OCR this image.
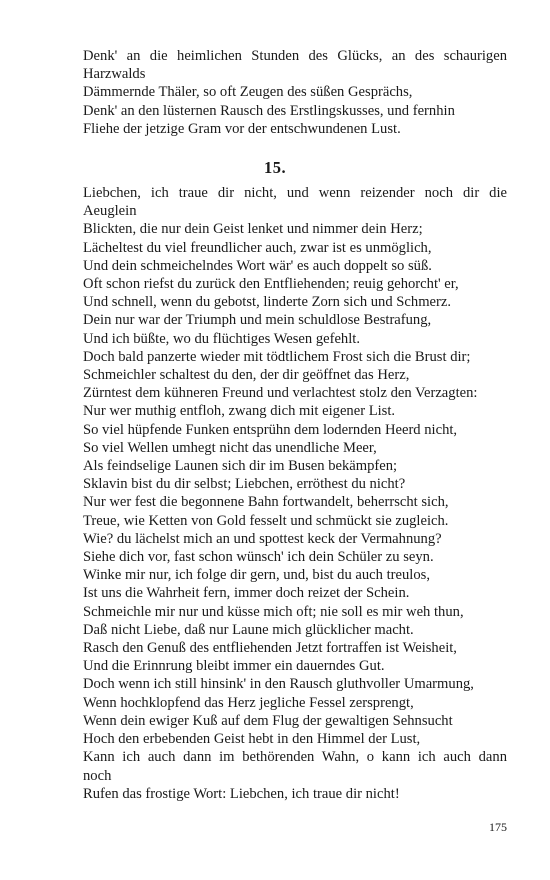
Denk' an die heimlichen Stunden des Glücks, an des schaurigen
Harzwalds
Dämmernde Thäler, so oft Zeugen des süßen Gesprächs,
Denk' an den lüsternen Rausch des Erstlingskusses, und fernhin
Fliehe der jetzige Gram vor der entschwundenen Lust.
15.
Liebchen, ich traue dir nicht, und wenn reizender noch dir die
Aeuglein
Blickten, die nur dein Geist lenket und nimmer dein Herz;
Lächeltest du viel freundlicher auch, zwar ist es unmöglich,
Und dein schmeichelndes Wort wär' es auch doppelt so süß.
Oft schon riefst du zurück den Entfliehenden; reuig gehorcht' er,
Und schnell, wenn du gebotst, linderte Zorn sich und Schmerz.
Dein nur war der Triumph und mein schuldlose Bestrafung,
Und ich büßte, wo du flüchtiges Wesen gefehlt.
Doch bald panzerte wieder mit tödtlichem Frost sich die Brust dir;
Schmeichler schaltest du den, der dir geöffnet das Herz,
Zürntest dem kühneren Freund und verlachtest stolz den Verzagten:
Nur wer muthig entfloh, zwang dich mit eigener List.
So viel hüpfende Funken entsprühn dem lodernden Heerd nicht,
So viel Wellen umhegt nicht das unendliche Meer,
Als feindselige Launen sich dir im Busen bekämpfen;
Sklavin bist du dir selbst; Liebchen, erröthest du nicht?
Nur wer fest die begonnene Bahn fortwandelt, beherrscht sich,
Treue, wie Ketten von Gold fesselt und schmückt sie zugleich.
Wie? du lächelst mich an und spottest keck der Vermahnung?
Siehe dich vor, fast schon wünsch' ich dein Schüler zu seyn.
Winke mir nur, ich folge dir gern, und, bist du auch treulos,
Ist uns die Wahrheit fern, immer doch reizet der Schein.
Schmeichle mir nur und küsse mich oft; nie soll es mir weh thun,
Daß nicht Liebe, daß nur Laune mich glücklicher macht.
Rasch den Genuß des entfliehenden Jetzt fortraffen ist Weisheit,
Und die Erinnrung bleibt immer ein dauerndes Gut.
Doch wenn ich still hinsink' in den Rausch gluthvoller Umarmung,
Wenn hochklopfend das Herz jegliche Fessel zersprengt,
Wenn dein ewiger Kuß auf dem Flug der gewaltigen Sehnsucht
Hoch den erbebenden Geist hebt in den Himmel der Lust,
Kann ich auch dann im bethörenden Wahn, o kann ich auch dann
noch
Rufen das frostige Wort: Liebchen, ich traue dir nicht!
175
